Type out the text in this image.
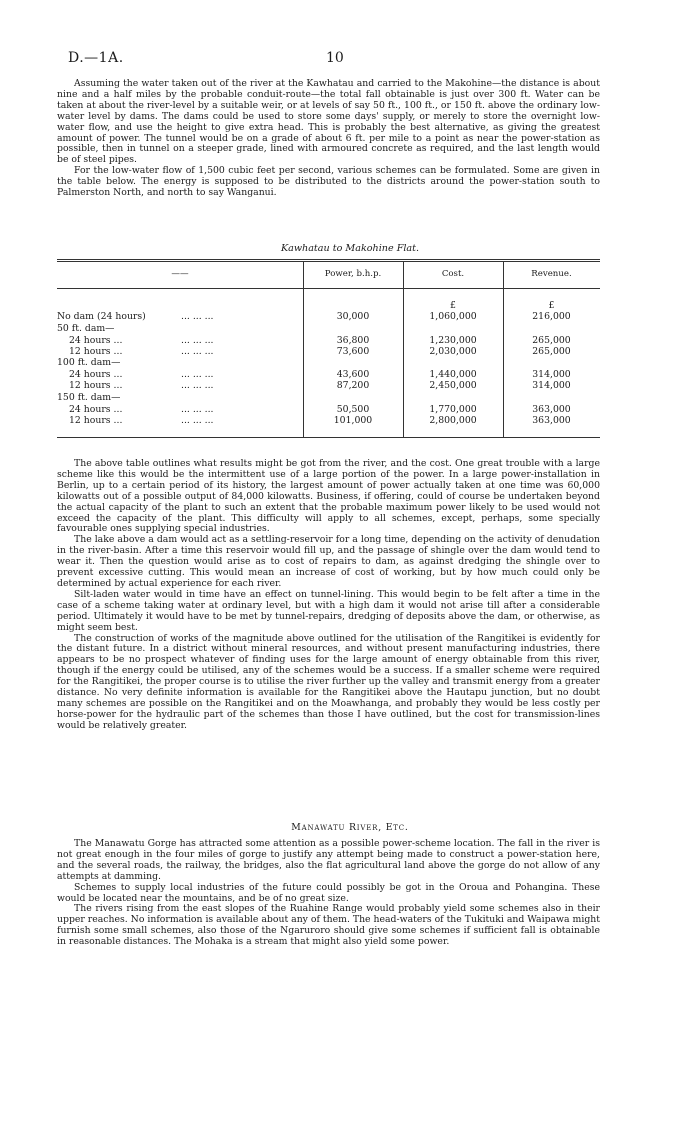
D.—1A.	10

Assuming the water taken out of the river at the Kawhatau and carried to the Makohine—the distance is about nine and a half miles by the probable conduit-route—the total fall obtainable is just over 300 ft. Water can be taken at about the river-level by a suitable weir, or at levels of say 50 ft., 100 ft., or 150 ft. above the ordinary low-water level by dams. The dams could be used to store some days' supply, or merely to store the overnight low-water flow, and use the height to give extra head. This is probably the best alternative, as giving the greatest amount of power. The tunnel would be on a grade of about 6 ft. per mile to a point as near the power-station as possible, then in tunnel on a steeper grade, lined with armoured concrete as required, and the last length would be of steel pipes.

For the low-water flow of 1,500 cubic feet per second, various schemes can be formulated. Some are given in the table below. The energy is supposed to be distributed to the districts around the power-station south to Palmerston North, and north to say Wanganui.

Kawhatau to Makohine Flat.
——	Power, b.h.p.	Cost.	Revenue.
£	£
No dam (24 hours)	... ... ...	30,000	1,060,000	216,000
50 ft. dam—
24 hours ...	... ... ...	36,800	1,230,000	265,000
12 hours ...	... ... ...	73,600	2,030,000	265,000
100 ft. dam—
24 hours ...	... ... ...	43,600	1,440,000	314,000
12 hours ...	... ... ...	87,200	2,450,000	314,000
150 ft. dam—
24 hours ...	... ... ...	50,500	1,770,000	363,000
12 hours ...	... ... ...	101,000	2,800,000	363,000

The above table outlines what results might be got from the river, and the cost. One great trouble with a large scheme like this would be the intermittent use of a large portion of the power. In a large power-installation in Berlin, up to a certain period of its history, the largest amount of power actually taken at one time was 60,000 kilowatts out of a possible output of 84,000 kilowatts. Business, if offering, could of course be undertaken beyond the actual capacity of the plant to such an extent that the probable maximum power likely to be used would not exceed the capacity of the plant. This difficulty will apply to all schemes, except, perhaps, some specially favourable ones supplying special industries.

The lake above a dam would act as a settling-reservoir for a long time, depending on the activity of denudation in the river-basin. After a time this reservoir would fill up, and the passage of shingle over the dam would tend to wear it. Then the question would arise as to cost of repairs to dam, as against dredging the shingle over to prevent excessive cutting. This would mean an increase of cost of working, but by how much could only be determined by actual experience for each river.

Silt-laden water would in time have an effect on tunnel-lining. This would begin to be felt after a time in the case of a scheme taking water at ordinary level, but with a high dam it would not arise till after a considerable period. Ultimately it would have to be met by tunnel-repairs, dredging of deposits above the dam, or otherwise, as might seem best.

The construction of works of the magnitude above outlined for the utilisation of the Rangitikei is evidently for the distant future. In a district without mineral resources, and without present manufacturing industries, there appears to be no prospect whatever of finding uses for the large amount of energy obtainable from this river, though if the energy could be utilised, any of the schemes would be a success. If a smaller scheme were required for the Rangitikei, the proper course is to utilise the river further up the valley and transmit energy from a greater distance. No very definite information is available for the Rangitikei above the Hautapu junction, but no doubt many schemes are possible on the Rangitikei and on the Moawhanga, and probably they would be less costly per horse-power for the hydraulic part of the schemes than those I have outlined, but the cost for transmission-lines would be relatively greater.

Manawatu River, Etc.

The Manawatu Gorge has attracted some attention as a possible power-scheme location. The fall in the river is not great enough in the four miles of gorge to justify any attempt being made to construct a power-station here, and the several roads, the railway, the bridges, also the flat agricultural land above the gorge do not allow of any attempts at damming.

Schemes to supply local industries of the future could possibly be got in the Oroua and Pohangina. These would be located near the mountains, and be of no great size.

The rivers rising from the east slopes of the Ruahine Range would probably yield some schemes also in their upper reaches. No information is available about any of them. The head-waters of the Tukituki and Waipawa might furnish some small schemes, also those of the Ngaruroro should give some schemes if sufficient fall is obtainable in reasonable distances. The Mohaka is a stream that might also yield some power.
